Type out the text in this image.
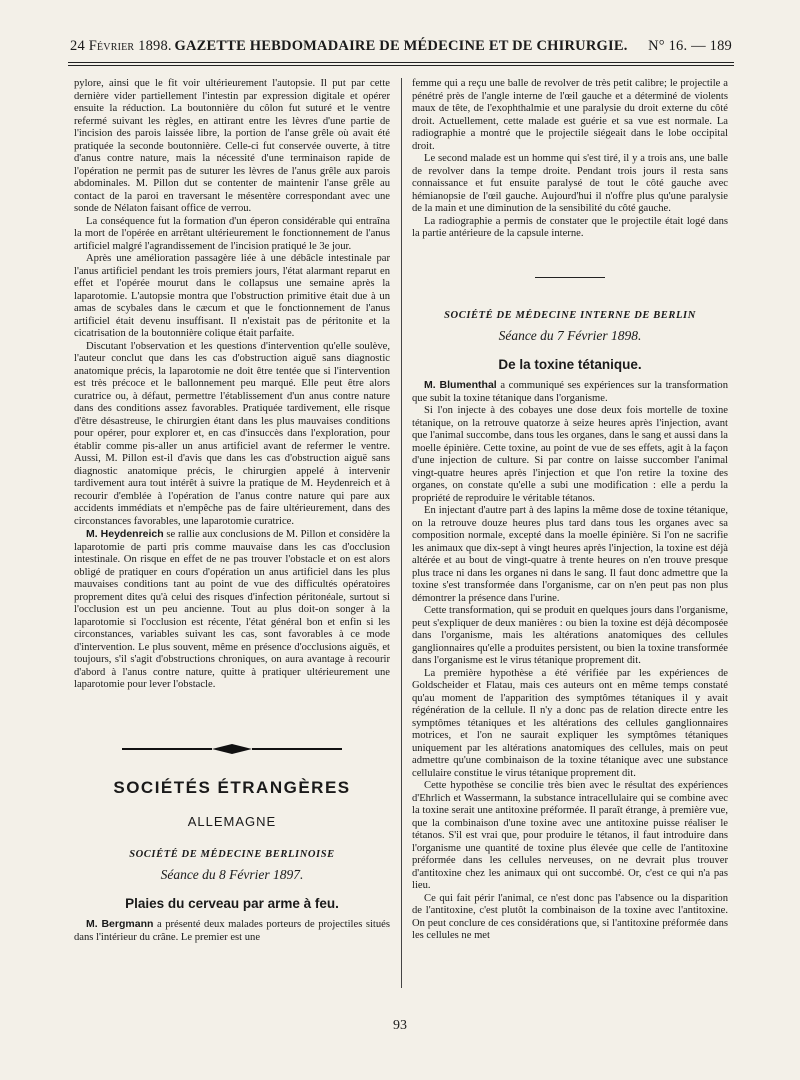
24 Février 1898. GAZETTE HEBDOMADAIRE DE MÉDECINE ET DE CHIRURGIE.	N° 16. — 189

pylore, ainsi que le fit voir ultérieurement l'autopsie. Il put par cette dernière vider partiellement l'intestin par expression digitale et opérer ensuite la réduction. La boutonnière du côlon fut suturé et le ventre refermé suivant les règles, en attirant entre les lèvres d'une partie de l'incision des parois laissée libre, la portion de l'anse grêle où avait été pratiquée la seconde boutonnière. Celle-ci fut conservée ouverte, à titre d'anus contre nature, mais la nécessité d'une terminaison rapide de l'opération ne permit pas de suturer les lèvres de l'anus grêle aux parois abdominales. M. Pillon dut se contenter de maintenir l'anse grêle au contact de la paroi en traversant le mésentère correspondant avec une sonde de Nélaton faisant office de verrou.

La conséquence fut la formation d'un éperon considérable qui entraîna la mort de l'opérée en arrêtant ultérieurement le fonctionnement de l'anus artificiel malgré l'agrandissement de l'incision pratiqué le 3e jour.

Après une amélioration passagère liée à une débâcle intestinale par l'anus artificiel pendant les trois premiers jours, l'état alarmant reparut en effet et l'opérée mourut dans le collapsus une semaine après la laparotomie. L'autopsie montra que l'obstruction primitive était due à un amas de scybales dans le cæcum et que le fonctionnement de l'anus artificiel était devenu insuffisant. Il n'existait pas de péritonite et la cicatrisation de la boutonnière colique était parfaite.

Discutant l'observation et les questions d'intervention qu'elle soulève, l'auteur conclut que dans les cas d'obstruction aiguë sans diagnostic anatomique précis, la laparotomie ne doit être tentée que si l'intervention est très précoce et le ballonnement peu marqué. Elle peut être alors curatrice ou, à défaut, permettre l'établissement d'un anus contre nature dans des conditions assez favorables. Pratiquée tardivement, elle risque d'être désastreuse, le chirurgien étant dans les plus mauvaises conditions pour opérer, pour explorer et, en cas d'insuccès dans l'exploration, pour établir comme pis-aller un anus artificiel avant de refermer le ventre. Aussi, M. Pillon est-il d'avis que dans les cas d'obstruction aiguë sans diagnostic anatomique précis, le chirurgien appelé à intervenir tardivement aura tout intérêt à suivre la pratique de M. Heydenreich et à recourir d'emblée à l'opération de l'anus contre nature qui pare aux accidents immédiats et n'empêche pas de faire ultérieurement, dans des circonstances favorables, une laparotomie curatrice.

M. Heydenreich se rallie aux conclusions de M. Pillon et considère la laparotomie de parti pris comme mauvaise dans les cas d'occlusion intestinale. On risque en effet de ne pas trouver l'obstacle et on est alors obligé de pratiquer en cours d'opération un anus artificiel dans les plus mauvaises conditions tant au point de vue des difficultés opératoires proprement dites qu'à celui des risques d'infection péritonéale, surtout si l'occlusion est un peu ancienne. Tout au plus doit-on songer à la laparotomie si l'occlusion est récente, l'état général bon et enfin si les circonstances, variables suivant les cas, sont favorables à ce mode d'intervention. Le plus souvent, même en présence d'occlusions aiguës, et toujours, s'il s'agit d'obstructions chroniques, on aura avantage à recourir d'abord à l'anus contre nature, quitte à pratiquer ultérieurement une laparotomie pour lever l'obstacle.

SOCIÉTÉS ÉTRANGÈRES
ALLEMAGNE
SOCIÉTÉ DE MÉDECINE BERLINOISE
Séance du 8 Février 1897.
Plaies du cerveau par arme à feu.

M. Bergmann a présenté deux malades porteurs de projectiles situés dans l'intérieur du crâne. Le premier est une

femme qui a reçu une balle de revolver de très petit calibre; le projectile a pénétré près de l'angle interne de l'œil gauche et a déterminé de violents maux de tête, de l'exophthalmie et une paralysie du droit externe du côté droit. Actuellement, cette malade est guérie et sa vue est normale. La radiographie a montré que le projectile siégeait dans le lobe occipital droit.

Le second malade est un homme qui s'est tiré, il y a trois ans, une balle de revolver dans la tempe droite. Pendant trois jours il resta sans connaissance et fut ensuite paralysé de tout le côté gauche avec hémianopsie de l'œil gauche. Aujourd'hui il n'offre plus qu'une paralysie de la main et une diminution de la sensibilité du côté gauche.

La radiographie a permis de constater que le projectile était logé dans la partie antérieure de la capsule interne.

SOCIÉTÉ DE MÉDECINE INTERNE DE BERLIN
Séance du 7 Février 1898.
De la toxine tétanique.

M. Blumenthal a communiqué ses expériences sur la transformation que subit la toxine tétanique dans l'organisme.

Si l'on injecte à des cobayes une dose deux fois mortelle de toxine tétanique, on la retrouve quatorze à seize heures après l'injection, avant que l'animal succombe, dans tous les organes, dans le sang et aussi dans la moelle épinière. Cette toxine, au point de vue de ses effets, agit à la façon d'une injection de culture. Si par contre on laisse succomber l'animal vingt-quatre heures après l'injection et que l'on retire la toxine des organes, on constate qu'elle a subi une modification : elle a perdu la propriété de reproduire le véritable tétanos.

En injectant d'autre part à des lapins la même dose de toxine tétanique, on la retrouve douze heures plus tard dans tous les organes avec sa composition normale, excepté dans la moelle épinière. Si l'on ne sacrifie les animaux que dix-sept à vingt heures après l'injection, la toxine est déjà altérée et au bout de vingt-quatre à trente heures on n'en trouve presque plus trace ni dans les organes ni dans le sang. Il faut donc admettre que la toxine s'est transformée dans l'organisme, car on n'en peut pas non plus démontrer la présence dans l'urine.

Cette transformation, qui se produit en quelques jours dans l'organisme, peut s'expliquer de deux manières : ou bien la toxine est déjà décomposée dans l'organisme, mais les altérations anatomiques des cellules ganglionnaires qu'elle a produites persistent, ou bien la toxine transformée dans l'organisme est le virus tétanique proprement dit.

La première hypothèse a été vérifiée par les expériences de Goldscheider et Flatau, mais ces auteurs ont en même temps constaté qu'au moment de l'apparition des symptômes tétaniques il y avait régénération de la cellule. Il n'y a donc pas de relation directe entre les symptômes tétaniques et les altérations des cellules ganglionnaires motrices, et l'on ne saurait expliquer les symptômes tétaniques uniquement par les altérations anatomiques des cellules, mais on peut admettre qu'une combinaison de la toxine tétanique avec une substance cellulaire constitue le virus tétanique proprement dit.

Cette hypothèse se concilie très bien avec le résultat des expériences d'Ehrlich et Wassermann, la substance intracellulaire qui se combine avec la toxine serait une antitoxine préformée. Il paraît étrange, à première vue, que la combinaison d'une toxine avec une antitoxine puisse réaliser le tétanos. S'il est vrai que, pour produire le tétanos, il faut introduire dans l'organisme une quantité de toxine plus élevée que celle de l'antitoxine préformée dans les cellules nerveuses, on ne devrait plus trouver d'antitoxine chez les animaux qui ont succombé. Or, c'est ce qui n'a pas lieu.

Ce qui fait périr l'animal, ce n'est donc pas l'absence ou la disparition de l'antitoxine, c'est plutôt la combinaison de la toxine avec l'antitoxine. On peut conclure de ces considérations que, si l'antitoxine préformée dans les cellules ne met

93
